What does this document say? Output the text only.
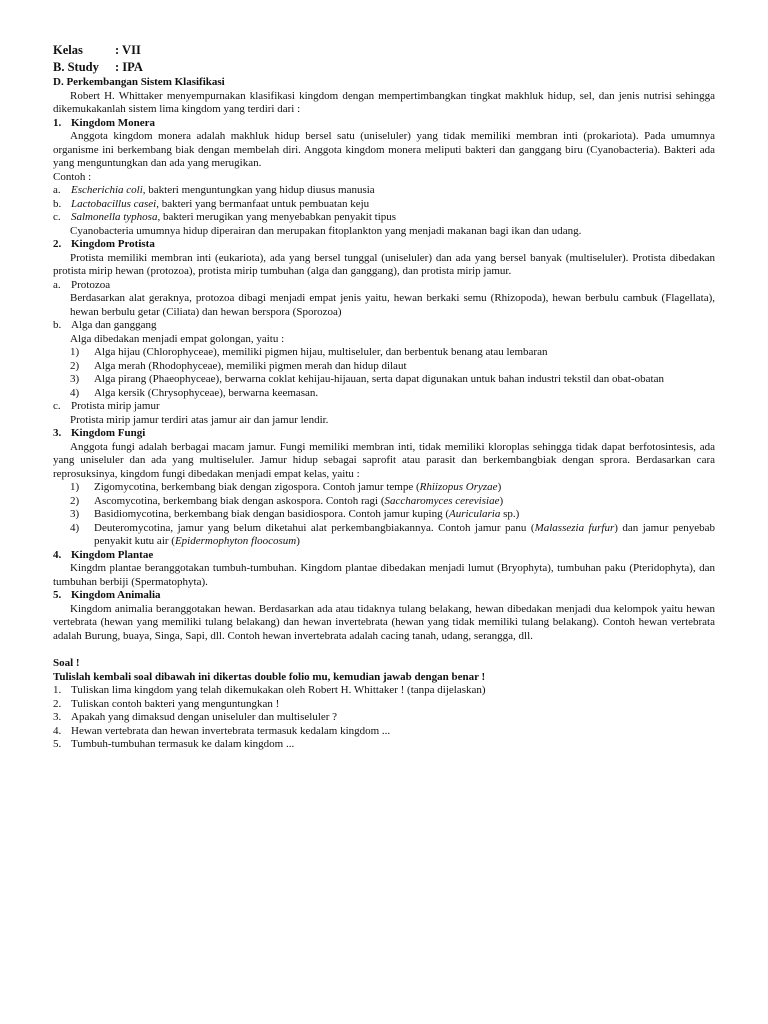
Kelas	: VII
B. Study : IPA
D. Perkembangan Sistem Klasifikasi
Robert H. Whittaker menyempurnakan klasifikasi kingdom dengan mempertimbangkan tingkat makhluk hidup, sel, dan jenis nutrisi sehingga dikemukakanlah sistem lima kingdom yang terdiri dari :
1. Kingdom Monera
Anggota kingdom monera adalah makhluk hidup bersel satu (uniseluler) yang tidak memiliki membran inti (prokariota). Pada umumnya organisme ini berkembang biak dengan membelah diri. Anggota kingdom monera meliputi bakteri dan ganggang biru (Cyanobacteria). Bakteri ada yang menguntungkan dan ada yang merugikan.
Contoh :
a. Escherichia coli, bakteri menguntungkan yang hidup diusus manusia
b. Lactobacillus casei, bakteri yang bermanfaat untuk pembuatan keju
c. Salmonella typhosa, bakteri merugikan yang menyebabkan penyakit tipus
Cyanobacteria umumnya hidup diperairan dan merupakan fitoplankton yang menjadi makanan bagi ikan dan udang.
2. Kingdom Protista
Protista memiliki membran inti (eukariota), ada yang bersel tunggal (uniseluler) dan ada yang bersel banyak (multiseluler). Protista dibedakan protista mirip hewan (protozoa), protista mirip tumbuhan (alga dan ganggang), dan protista mirip jamur.
a. Protozoa
Berdasarkan alat geraknya, protozoa dibagi menjadi empat jenis yaitu, hewan berkaki semu (Rhizopoda), hewan berbulu cambuk (Flagellata), hewan berbulu getar (Ciliata) dan hewan berspora (Sporozoa)
b. Alga dan ganggang
Alga dibedakan menjadi empat golongan, yaitu :
1)	Alga hijau (Chlorophyceae), memiliki pigmen hijau, multiseluler, dan berbentuk benang atau lembaran
2)	Alga merah (Rhodophyceae), memiliki pigmen merah dan hidup dilaut
3)	Alga pirang (Phaeophyceae), berwarna coklat kehijau-hijauan, serta dapat digunakan untuk bahan industri tekstil dan obat-obatan
4)	Alga kersik (Chrysophyceae), berwarna keemasan.
c. Protista mirip jamur
Protista mirip jamur terdiri atas jamur air dan jamur lendir.
3. Kingdom Fungi
Anggota fungi adalah berbagai macam jamur. Fungi memiliki membran inti, tidak memiliki kloroplas sehingga tidak dapat berfotosintesis, ada yang uniseluler dan ada yang multiseluler. Jamur hidup sebagai saprofit atau parasit dan berkembangbiak dengan sprora. Berdasarkan cara reprosuksinya, kingdom fungi dibedakan menjadi empat kelas, yaitu :
1)	Zigomycotina, berkembang biak dengan zigospora. Contoh jamur tempe (Rhiizopus Oryzae)
2)	Ascomycotina, berkembang biak dengan askospora. Contoh ragi (Saccharomyces cerevisiae)
3)	Basidiomycotina, berkembang biak dengan basidiospora. Contoh jamur kuping (Auricularia sp.)
4)	Deuteromycotina, jamur yang belum diketahui alat perkembangbiakannya. Contoh jamur panu (Malassezia furfur) dan jamur penyebab penyakit kutu air (Epidermophyton floocosum)
4. Kingdom Plantae
Kingdm plantae beranggotakan tumbuh-tumbuhan. Kingdom plantae dibedakan menjadi lumut (Bryophyta), tumbuhan paku (Pteridophyta), dan tumbuhan berbiji (Spermatophyta).
5. Kingdom Animalia
Kingdom animalia beranggotakan hewan. Berdasarkan ada atau tidaknya tulang belakang, hewan dibedakan menjadi dua kelompok yaitu hewan vertebrata (hewan yang memiliki tulang belakang) dan hewan invertebrata (hewan yang tidak memiliki tulang belakang). Contoh hewan vertebrata adalah Burung, buaya, Singa, Sapi, dll. Contoh hewan invertebrata adalah cacing tanah, udang, serangga, dll.
Soal !
Tulislah kembali soal dibawah ini dikertas double folio mu, kemudian jawab dengan benar !
1. Tuliskan lima kingdom yang telah dikemukakan oleh Robert H. Whittaker ! (tanpa dijelaskan)
2. Tuliskan contoh bakteri yang menguntungkan !
3. Apakah yang dimaksud dengan uniseluler dan multiseluler ?
4. Hewan vertebrata dan hewan invertebrata termasuk kedalam kingdom ...
5. Tumbuh-tumbuhan termasuk ke dalam kingdom ...
